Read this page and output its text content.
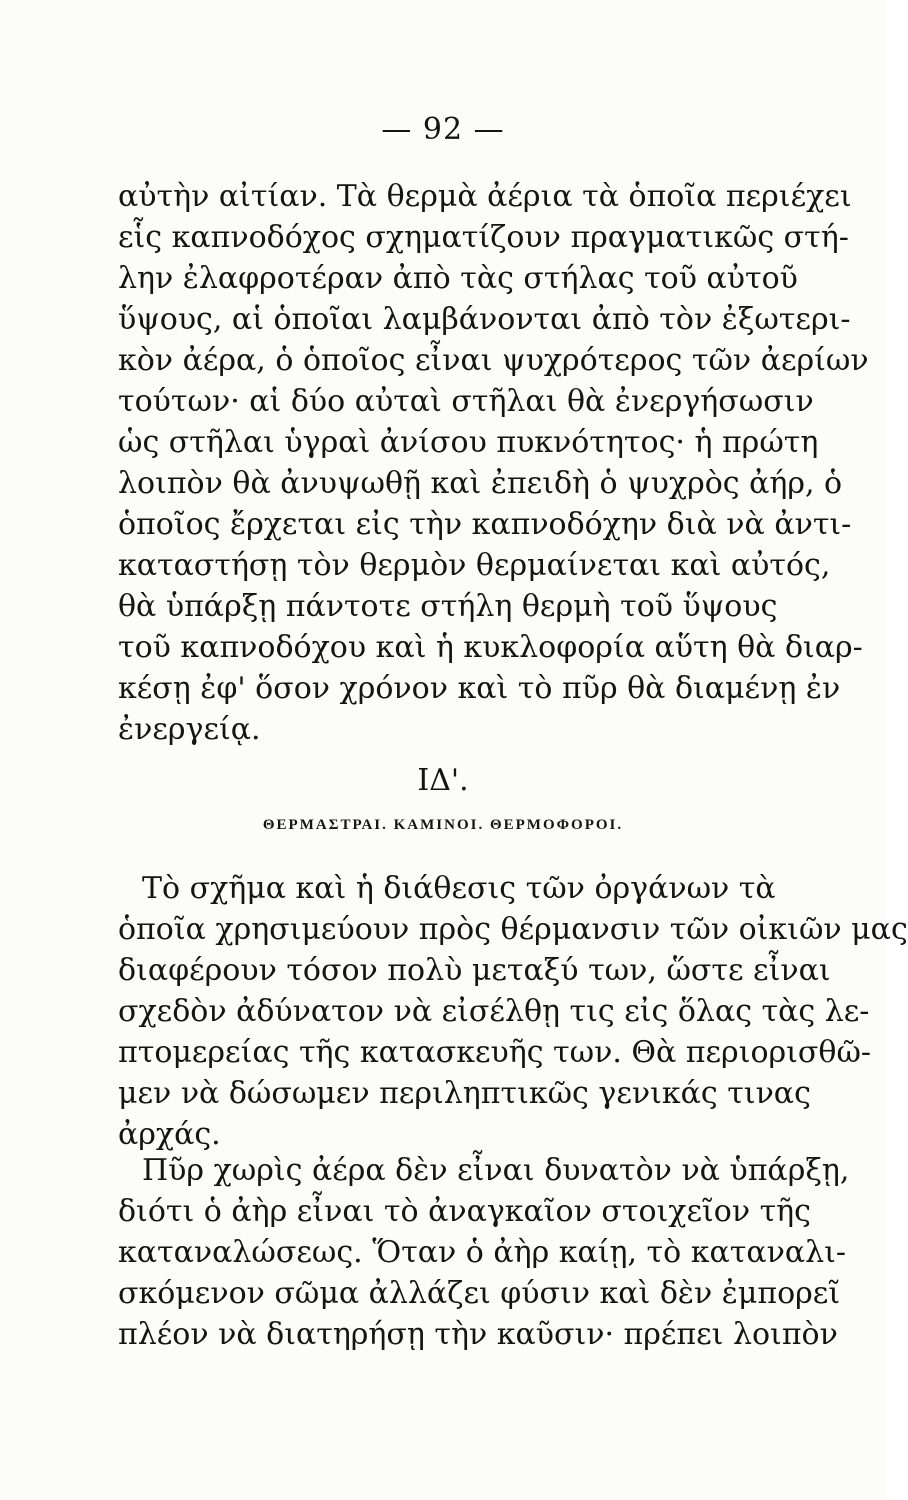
— 92 —
αὐτὴν αἰτίαν. Τὰ θερμὰ ἀέρια τὰ ὁποῖα περιέχει
εἷς καπνοδόχος σχηματίζουν πραγματικῶς στή-
λην ἐλαφροτέραν ἀπὸ τὰς στήλας τοῦ αὐτοῦ
ὕψους, αἱ ὁποῖαι λαμβάνονται ἀπὸ τὸν ἐξωτερι-
κὸν ἀέρα, ὁ ὁποῖος εἶναι ψυχρότερος τῶν ἀερίων
τούτων· αἱ δύο αὐταὶ στῆλαι θὰ ἐνεργήσωσιν
ὡς στῆλαι ὑγραὶ ἀνίσου πυκνότητος· ἡ πρώτη
λοιπὸν θὰ ἀνυψωθῇ καὶ ἐπειδὴ ὁ ψυχρὸς ἀήρ, ὁ
ὁποῖος ἔρχεται εἰς τὴν καπνοδόχην διὰ νὰ ἀντι-
καταστήσῃ τὸν θερμὸν θερμαίνεται καὶ αὐτός,
θὰ ὑπάρξῃ πάντοτε στήλη θερμὴ τοῦ ὕψους
τοῦ καπνοδόχου καὶ ἡ κυκλοφορία αὕτη θὰ διαρ-
κέσῃ ἐφ' ὅσον χρόνον καὶ τὸ πῦρ θὰ διαμένῃ ἐν
ἐνεργείᾳ.
ΙΔ'.
ΘΕΡΜΑΣΤΡΑΙ. ΚΑΜΙΝΟΙ. ΘΕΡΜΟΦΟΡΟΙ.
Τὸ σχῆμα καὶ ἡ διάθεσις τῶν ὀργάνων τὰ
ὁποῖα χρησιμεύουν πρὸς θέρμανσιν τῶν οἰκιῶν μας
διαφέρουν τόσον πολὺ μεταξύ των, ὥστε εἶναι
σχεδὸν ἀδύνατον νὰ εἰσέλθῃ τις εἰς ὅλας τὰς λε-
πτομερείας τῆς κατασκευῆς των. Θὰ περιορισθῶ-
μεν νὰ δώσωμεν περιληπτικῶς γενικάς τινας
ἀρχάς.
Πῦρ χωρὶς ἀέρα δὲν εἶναι δυνατὸν νὰ ὑπάρξῃ,
διότι ὁ ἀὴρ εἶναι τὸ ἀναγκαῖον στοιχεῖον τῆς
καταναλώσεως. Ὅταν ὁ ἀὴρ καίῃ, τὸ καταναλι-
σκόμενον σῶμα ἀλλάζει φύσιν καὶ δὲν ἐμπορεῖ
πλέον νὰ διατηρήσῃ τὴν καῦσιν· πρέπει λοιπὸν
